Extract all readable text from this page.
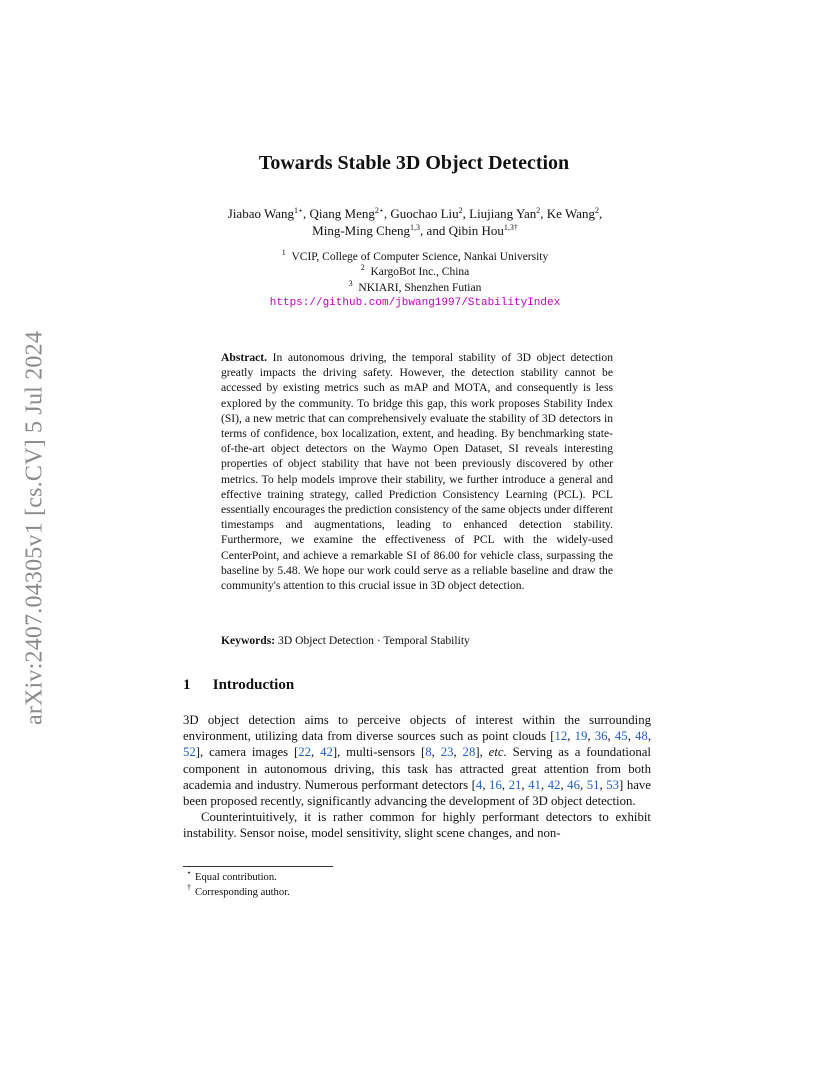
arXiv:2407.04305v1 [cs.CV] 5 Jul 2024
Towards Stable 3D Object Detection
Jiabao Wang$^{1⋆}$, Qiang Meng$^{2⋆}$, Guochao Liu$^2$, Liujiang Yan$^2$, Ke Wang$^2$,
Ming-Ming Cheng$^{1,3}$, and Qibin Hou$^{1,3\dagger}$
$^1$  VCIP, College of Computer Science, Nankai University
$^2$  KargoBot Inc., China
$^3$  NKIARI, Shenzhen Futian
https://github.com/jbwang1997/StabilityIndex
Abstract. In autonomous driving, the temporal stability of 3D object detection greatly impacts the driving safety. However, the detection stability cannot be accessed by existing metrics such as mAP and MOTA, and consequently is less explored by the community. To bridge this gap, this work proposes Stability Index (SI), a new metric that can comprehensively evaluate the stability of 3D detectors in terms of confidence, box localization, extent, and heading. By benchmarking state-of-the-art object detectors on the Waymo Open Dataset, SI reveals interesting properties of object stability that have not been previously discovered by other metrics. To help models improve their stability, we further introduce a general and effective training strategy, called Prediction Consistency Learning (PCL). PCL essentially encourages the prediction consistency of the same objects under different timestamps and augmentations, leading to enhanced detection stability. Furthermore, we examine the effectiveness of PCL with the widely-used CenterPoint, and achieve a remarkable SI of 86.00 for vehicle class, surpassing the baseline by 5.48. We hope our work could serve as a reliable baseline and draw the community's attention to this crucial issue in 3D object detection.
Keywords: 3D Object Detection · Temporal Stability
1 Introduction

3D object detection aims to perceive objects of interest within the surrounding environment, utilizing data from diverse sources such as point clouds [12, 19, 36, 45, 48, 52], camera images [22, 42], multi-sensors [8, 23, 28], etc. Serving as a foundational component in autonomous driving, this task has attracted great attention from both academia and industry. Numerous performant detectors [4, 16, 21, 41, 42, 46, 51, 53] have been proposed recently, significantly advancing the development of 3D object detection.

Counterintuitively, it is rather common for highly performant detectors to exhibit instability. Sensor noise, model sensitivity, slight scene changes, and non-

⋆ Equal contribution.
† Corresponding author.
